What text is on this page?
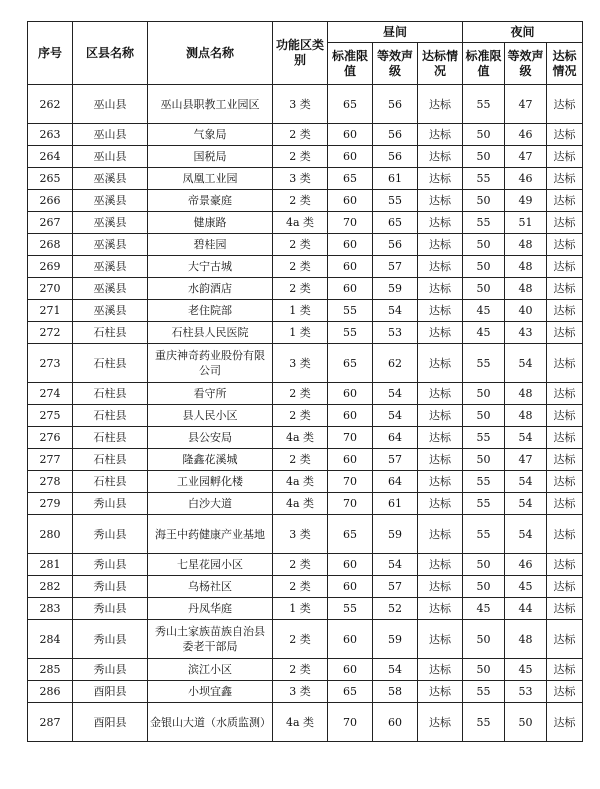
序号	区县名称	测点名称	功能区类别	昼间			夜间		
				标准限值	等效声级	达标情况	标准限值	等效声级	达标情况
262	巫山县	巫山县职教工业园区	3 类	65	56	达标	55	47	达标
263	巫山县	气象局	2 类	60	56	达标	50	46	达标
264	巫山县	国税局	2 类	60	56	达标	50	47	达标
265	巫溪县	凤凰工业园	3 类	65	61	达标	55	46	达标
266	巫溪县	帝景豪庭	2 类	60	55	达标	50	49	达标
267	巫溪县	健康路	4a 类	70	65	达标	55	51	达标
268	巫溪县	碧桂园	2 类	60	56	达标	50	48	达标
269	巫溪县	大宁古城	2 类	60	57	达标	50	48	达标
270	巫溪县	水韵酒店	2 类	60	59	达标	50	48	达标
271	巫溪县	老住院部	1 类	55	54	达标	45	40	达标
272	石柱县	石柱县人民医院	1 类	55	53	达标	45	43	达标
273	石柱县	重庆神奇药业股份有限公司	3 类	65	62	达标	55	54	达标
274	石柱县	看守所	2 类	60	54	达标	50	48	达标
275	石柱县	县人民小区	2 类	60	54	达标	50	48	达标
276	石柱县	县公安局	4a 类	70	64	达标	55	54	达标
277	石柱县	隆鑫花溪城	2 类	60	57	达标	50	47	达标
278	石柱县	工业园孵化楼	4a 类	70	64	达标	55	54	达标
279	秀山县	白沙大道	4a 类	70	61	达标	55	54	达标
280	秀山县	海王中药健康产业基地	3 类	65	59	达标	55	54	达标
281	秀山县	七星花园小区	2 类	60	54	达标	50	46	达标
282	秀山县	乌杨社区	2 类	60	57	达标	50	45	达标
283	秀山县	丹凤华庭	1 类	55	52	达标	45	44	达标
284	秀山县	秀山土家族苗族自治县委老干部局	2 类	60	59	达标	50	48	达标
285	秀山县	滨江小区	2 类	60	54	达标	50	45	达标
286	酉阳县	小坝宜鑫	3 类	65	58	达标	55	53	达标
287	酉阳县	金银山大道（水质监测）	4a 类	70	60	达标	55	50	达标
